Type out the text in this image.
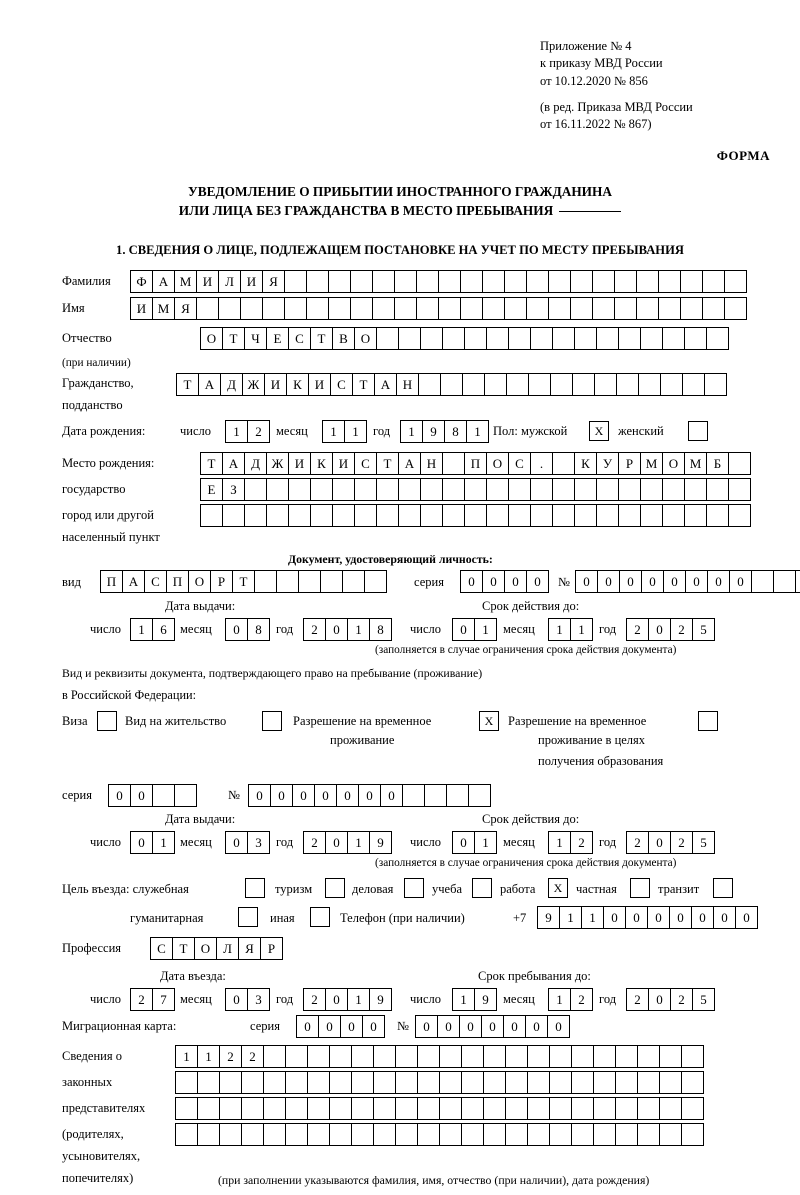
Приложение № 4
к приказу МВД России
от 10.12.2020 № 856
(в ред. Приказа МВД России
от 16.11.2022 № 867)
ФОРМА
УВЕДОМЛЕНИЕ О ПРИБЫТИИ ИНОСТРАННОГО ГРАЖДАНИНА
ИЛИ ЛИЦА БЕЗ ГРАЖДАНСТВА В МЕСТО ПРЕБЫВАНИЯ
1. СВЕДЕНИЯ О ЛИЦЕ, ПОДЛЕЖАЩЕМ ПОСТАНОВКЕ НА УЧЕТ ПО МЕСТУ ПРЕБЫВАНИЯ
Фамилия	Ф А М И Л И Я
Имя	И М Я
Отчество	О	Т	Ч	Е	С	Т	В О
(при наличии)
Гражданство,	Т	А Д Ж И К И С	Т	А Н
подданство
Дата рождения:	число	1	2	месяц	1	1	год	1	9	8	1 Пол: мужской	X	женский
Место рождения:	Т	А Д Ж И К И С	Т	А Н	П О С	.	К	У	Р М О М Б
государство	Е	З
город или другой
населенный пункт
Документ, удостоверяющий личность:
вид	П А С П О	Р	Т	серия	0	0	0	0	№	0	0	0	0	0	0	0	0
Дата выдачи:	Срок действия до:
число	1	6	месяц	0	8	год	2	0	1	8	число	0	1	месяц	1	1	год	2	0	2	5
(заполняется в случае ограничения срока действия документа)
Вид и реквизиты документа, подтверждающего право на пребывание (проживание)
в Российской Федерации:
Виза	Вид на жительство	Разрешение на временное	X	Разрешение на временное
проживание	проживание в целях
получения образования
серия	0	0	№	0	0	0	0	0	0	0
Дата выдачи:	Срок действия до:
число	0	1	месяц	0	3	год	2	0	1	9	число	0	1	месяц	1	2	год	2	0	2	5
(заполняется в случае ограничения срока действия документа)
Цель въезда: служебная	туризм	деловая	учеба	работа	X	частная	транзит
гуманитарная	иная	Телефон (при наличии)	+7	9	1	1	0	0	0	0	0	0	0
Профессия	С	Т	О Л	Я	Р
Дата въезда:	Срок пребывания до:
число	2	7	месяц	0	3	год	2	0	1	9	число	1	9	месяц	1	2	год	2	0	2	5
Миграционная карта:	серия	0	0	0	0	№	0	0	0	0	0	0	0
Сведения о	1	1	2	2
законных
представителях
(родителях,
усыновителях,
попечителях)	(при заполнении указываются фамилия, имя, отчество (при наличии), дата рождения)
